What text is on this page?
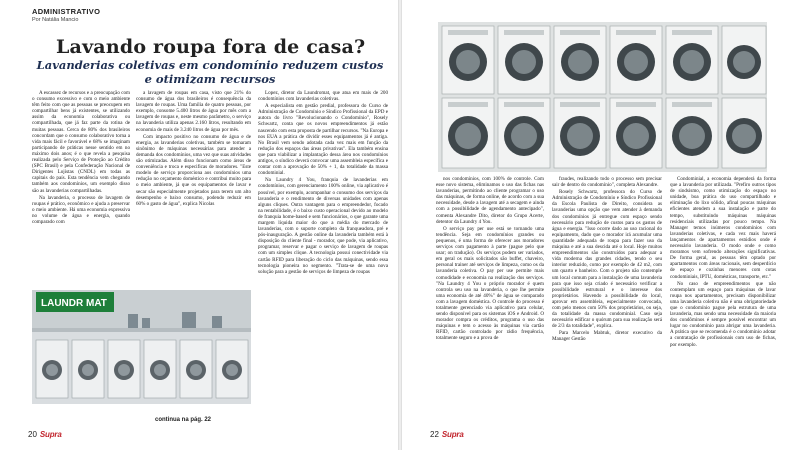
ADMINISTRATIVO
Por Natália Mancio
Lavando roupa fora de casa?
Lavanderias coletivas em condomínio reduzem custos e otimizam recursos

A escassez de recursos e a preocupação com o consumo excessivo e com o meio ambiente têm feito com que as pessoas se preocupem em compartilhar bens já existentes, se utilizando assim da economia colaborativa ou compartilhada, que já faz parte da rotina de muitas pessoas. Cerca de 80% dos brasileiros concordam que o consumo colaborativo torna a vida mais fácil e favorável e 68% se imaginam participando de práticas nesse sentido em no máximo dois anos; é o que revela a pesquisa realizada pelo Serviço de Proteção ao Crédito (SPC Brasil) e pela Confederação Nacional de Dirigentes Lojistas (CNDL) em todas as capitais do país. Esta tendência vem chegando também aos condomínios, um exemplo disso são as lavanderias compartilhadas.

Na lavanderia, o processo de lavagem de roupas é prático, econômico e ajuda a preservar o meio ambiente. Há uma economia expressiva no volume de água e energia, quando comparado com

a lavagem de roupas em casa, visto que 21% do consumo de água dos brasileiros é consequência da lavagem de roupas. Uma família de quatro pessoas, por exemplo, consome 5.400 litros de água por mês com a lavagem de roupas e, neste mesmo parâmetro, o serviço na lavanderia utiliza apenas 2.160 litros, resultando em economia de mais de 3.240 litros de água por mês.

Com impacto positivo no consumo de água e de energia, as lavanderias coletivas, também se tornaram sinônimo de máquinas necessárias para atender a demanda dos condomínios, uma vez que suas atividades são otimizadas. Além disso funcionam como áreas de conveniência e troca e especificas de moradores. "Este modelo de serviço proporciona aos condomínios uma redução no orçamento doméstico e contribui muito para o meio ambiente, já que os equipamentos de lavar e secar são especialmente projetados para terem um alto desempenho e baixo consumo, podendo reduzir em 60% o gasto de água", explica Nicolas

Lopez, diretor da Laundromat, que atua em mais de 200 condomínios com lavanderias coletivas.

A especialista em gestão predial, professora do Curso de Administração de Condomínio e Síndico Profissional da EPD e autora do livro "Revolucionando o Condomínio", Rosely Schwartz, conta que os novos empreendimentos já estão nascendo com esta proposta de partilhar recursos. "Na Europa e nos EUA a prática de dividir esses equipamentos já é antiga. No Brasil vem sendo adotada cada vez mais em função da redução dos espaços das áreas privativas". Ela também ensina que para viabilizar a implantação dessa área nos condomínios antigos, o síndico deverá convocar uma assembleia específica e contar com a aprovação de 50% + 1, da totalidade da massa condominial.

Na Laundry 4 You, franquia de lavanderias em condomínios, com gerenciamento 100% online, via aplicativo é possível, por exemplo, acompanhar o consumo dos serviços da lavanderia e o rendimento de diversas unidades com apenas alguns cliques. Outra vantagem para o empreendedor, focado na rentabilidade, é o baixo custo operacional devido ao modelo de franquia home-based e sem funcionários, o que garante uma margem líquida maior do que a média do mercado de lavanderias, com o suporte completo da franqueadora, pré e pós-inauguração. A gestão online da lavanderia também está à disposição do cliente final - morador, que pode, via aplicativo, programar, reservar e pagar o serviço de lavagem de roupas com um simples clique. A tecnologia possui conectividade via cartão RFID para liberação do ciclo das máquinas, sendo essa tecnologia pioneira no segmento. "Trata-se de uma nova solução para a gestão de serviços de limpeza de roupas

LAUNDR MAT
continua na pág. 22
20 Supra

nos condomínios, com 100% de controle. Com esse novo sistema, eliminamos o uso das fichas nas lavanderias, permitindo ao cliente programar o uso das máquinas, de forma online, de acordo com a sua necessidade, desde a lavagem até a secagem e ainda com a possibilidade de agendamento antecipado", comenta Alexandre Dito, diretor do Grupo Acerte, detentor da Laundry 4 You.

O serviço pay per use está se tornando uma tendência. Seja em condomínios grandes ou pequenos, é uma forma de oferecer aos moradores serviços com pagamento à parte (pague pelo que usar; on tradução). Os serviços podem ser variados, em geral os mais solicitados são buffet, chaveiro, personal trainer até serviços de limpeza, como os da lavanderia coletiva. O pay per use permite mais comodidade e economia na realização dos serviços. "Na Laundry 4 You o próprio morador é quem controla seu uso na lavanderia, o que lhe permite uma economia de até 40%" de água se comparado com a lavagem doméstica. O controle do processo é totalmente gerenciado via aplicativo para celular, sendo disponível para os sistemas iOS e Android. O morador compra os créditos, programa o uso das máquinas e tem o acesso às máquinas via cartão RFID, cartão controlado por rádio frequência, totalmente seguro e a prova de

fraudes, realizando todo o processo sem precisar sair de dentro do condomínio", completa Alexandre.

Rosely Schwartz, professora do Curso de Administração de Condomínio e Síndico Profissional da Escola Paulista de Direito, considera as lavanderias uma opção que vem atender à demanda dos condomínios já entregue com espaço sendo necessário para redução de custos para os gastos de água e energia. "Isso ocorre dado ao uso racional do equipamento, dado que o morador irá acumular uma quantidade adequada de roupa para fazer uso da máquina e até a sua descida até o local. Hoje muitos empreendimentos são construídos para adequar a vida moderna das grandes cidades, tendo o seu interior reduzido, como por exemplo de 42 m2, com um quarto e banheiro. Com o projeto não contemple um local comum para a instalação de uma lavanderia para que isso seja criado é necessário verificar a possibilidade estrutural e o interesse dos proprietários. Havendo a possibilidade do local, aprovar em assembleia, especialmente convocada, com pelo menos com 50% dos proprietários, ou seja, da totalidade da massa condominial. Caso seja necessário edificar o quórum para sua realização será de 2/3 da totalidade", explica.

Para Marcelo Mabtuk, diretor executivo da Manager Gestão

Condominial, a economia dependerá da forma que a lavanderia por utilizada. "Prefiro outros tipos de sindsismo, como otimização do espaço no unidade, boa prática do uso compartilhado e eliminação do lixo sólido, afinal poucas máquinas eficientes atendem a sua instalação e parte do tempo, substituindo máquinas máquinas residenciais utilizadas por pouco tempo. Na Manager temos inúmeros condomínios com lavanderias coletivas, e cada vez mais haverá lançamentos de apartamentos estúdios onde é necessário lavanderia. O modo onde e como moramos vem sofrendo alterações significativas. De forma geral, as pessoas têm optado por apartamentos com áreas racionais, sem desperdício de espaço e cozinhas menores com cotas condominiais, IPTU, domésticas, transporte, etc."

No caso de empreendimentos que não contemplam um espaço para máquinas de lavar roupa nos apartamentos, precisam disponibilizar uma lavanderia coletiva não é uma obrigatoriedade que o condomínio pague pela estrutura de uma lavanderia, mas sendo uma necessidade da maioria dos condôminos é sempre possível encontrar um lugar no condomínio para abrigar uma lavanderia. A prática que se recomenda é o condomínio adotar a contratação de profissionais com uso de fichas, por exemplo.

22 Supra
